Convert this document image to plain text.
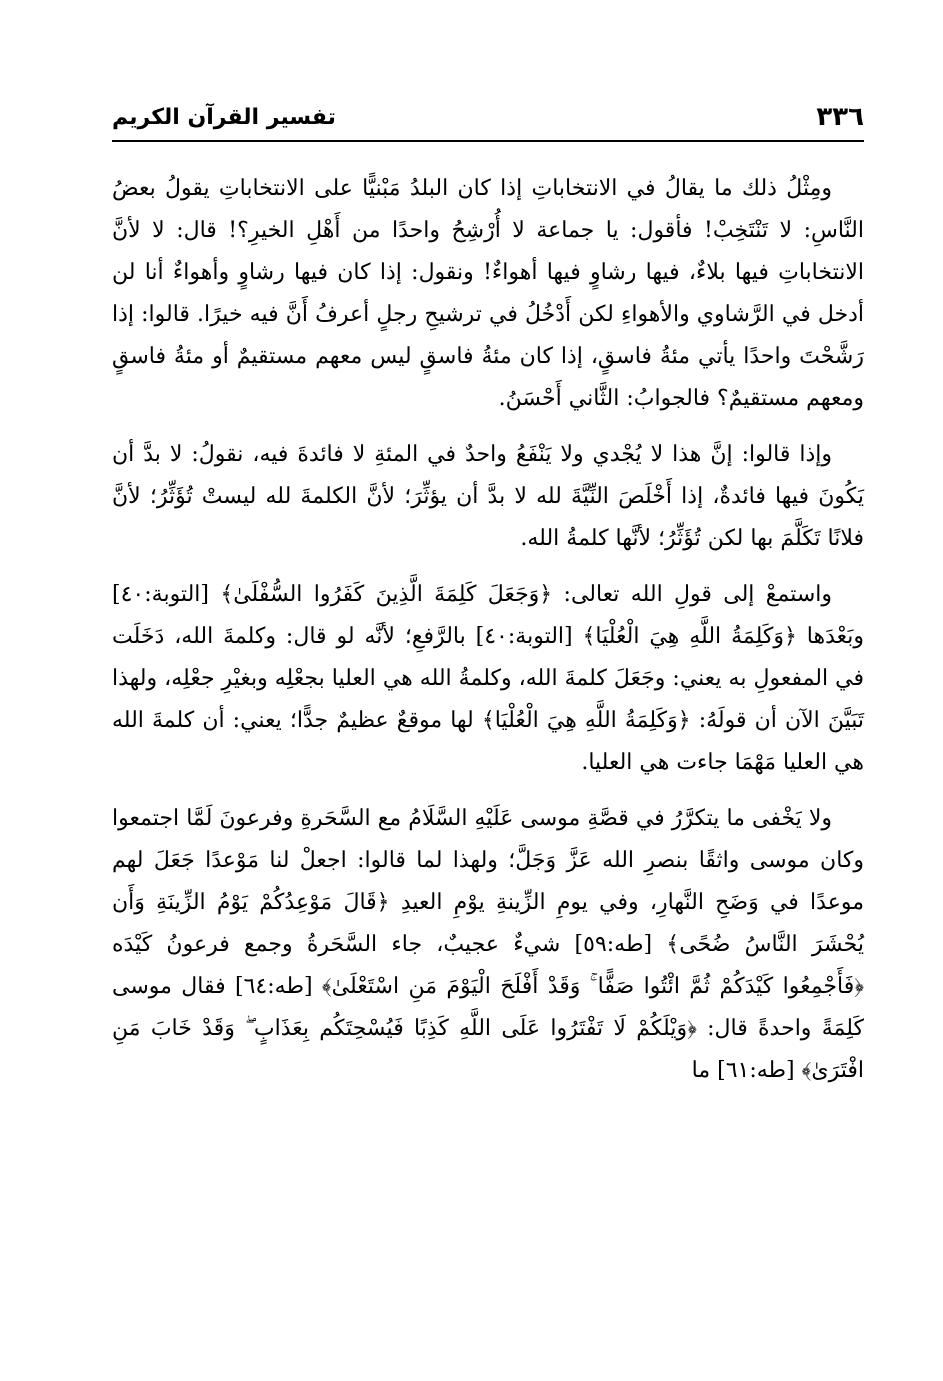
٣٣٦
تفسير القرآن الكريم

ومِثْلُ ذلك ما يقالُ في الانتخاباتِ إذا كان البلدُ مَبْنيًّا على الانتخاباتِ يقولُ بعضُ النَّاسِ: لا تَنْتَخِبْ! فأقول: يا جماعة لا أُرْشِحُ واحدًا من أَهْلِ الخيرِ؟! قال: لا لأنَّ الانتخاباتِ فيها بلاءٌ، فيها رشاوٍ فيها أهواءٌ! ونقول: إذا كان فيها رشاوٍ وأهواءٌ أنا لن أدخل في الرَّشاوي والأهواءِ لكن أَدْخُلُ في ترشيحِ رجلٍ أعرفُ أَنَّ فيه خيرًا. قالوا: إذا رَشَّحْتَ واحدًا يأتي مئةُ فاسقٍ، إذا كان مئةُ فاسقٍ ليس معهم مستقيمٌ أو مئةُ فاسقٍ ومعهم مستقيمٌ؟ فالجوابُ: الثَّاني أَحْسَنُ.

وإذا قالوا: إنَّ هذا لا يُجْدي ولا يَنْفَعُ واحدٌ في المئةِ لا فائدةَ فيه، نقولُ: لا بدَّ أن يَكُونَ فيها فائدةٌ، إذا أَخْلَصَ النِّيَّةَ لله لا بدَّ أن يؤثِّرَ؛ لأنَّ الكلمةَ لله ليستْ تُؤَثِّرُ؛ لأنَّ فلانًا تَكَلَّمَ بها لكن تُؤَثِّرُ؛ لأنَّها كلمةُ الله.

واستمعْ إلى قولِ الله تعالى: ﴿وَجَعَلَ كَلِمَةَ الَّذِينَ كَفَرُوا السُّفْلَىٰ﴾ [التوبة:٤٠] وبَعْدَها ﴿وَكَلِمَةُ اللَّهِ هِيَ الْعُلْيَا﴾ [التوبة:٤٠] بالرَّفعِ؛ لأنَّه لو قال: وكلمةَ الله، دَخَلَت في المفعولِ به يعني: وجَعَلَ كلمةَ الله، وكلمةُ الله هي العليا بجعْلِه وبغيْرِ جعْلِه، ولهذا تَبَيَّنَ الآن أن قولَهُ: ﴿وَكَلِمَةُ اللَّهِ هِيَ الْعُلْيَا﴾ لها موقعٌ عظيمٌ جدًّا؛ يعني: أن كلمةَ الله هي العليا مَهْمَا جاءت هي العليا.

ولا يَخْفى ما يتكرَّرُ في قصَّةِ موسى عَلَيْهِ السَّلَامُ مع السَّحَرةِ وفرعونَ لَمَّا اجتمعوا وكان موسى واثقًا بنصرِ الله عَزَّ وَجَلَّ؛ ولهذا لما قالوا: اجعلْ لنا مَوْعدًا جَعَلَ لهم موعدًا في وَضَحِ النَّهارِ، وفي يومِ الزِّينةِ يوْمِ العيدِ ﴿قَالَ مَوْعِدُكُمْ يَوْمُ الزِّينَةِ وَأَن يُحْشَرَ النَّاسُ ضُحًى﴾ [طه:٥٩] شيءٌ عجيبٌ، جاء السَّحَرةُ وجمع فرعونُ كَيْدَه ﴿فَأَجْمِعُوا كَيْدَكُمْ ثُمَّ ائْتُوا صَفًّا ۚ وَقَدْ أَفْلَحَ الْيَوْمَ مَنِ اسْتَعْلَىٰ﴾ [طه:٦٤] فقال موسى كَلِمَةً واحدةً قال: ﴿وَيْلَكُمْ لَا تَفْتَرُوا عَلَى اللَّهِ كَذِبًا فَيُسْحِتَكُم بِعَذَابٍ ۖ وَقَدْ خَابَ مَنِ افْتَرَىٰ﴾ [طه:٦١] ما
